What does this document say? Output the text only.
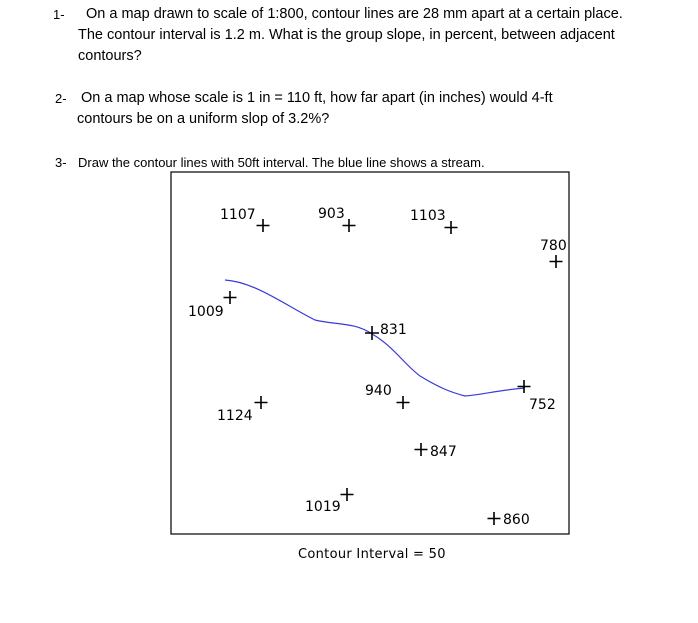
1- On a map drawn to scale of 1:800, contour lines are 28 mm apart at a certain place.
The contour interval is 1.2 m. What is the group slope, in percent, between adjacent
contours?
2- On a map whose scale is 1 in = 110 ft, how far apart (in inches) would 4-ft
contours be on a uniform slop of 3.2%?
3- Draw the contour lines with 50ft interval. The blue line shows a stream.
1107	903	1103
780
1009
831
940
752
1124
847
1019
860
Contour Interval = 50
